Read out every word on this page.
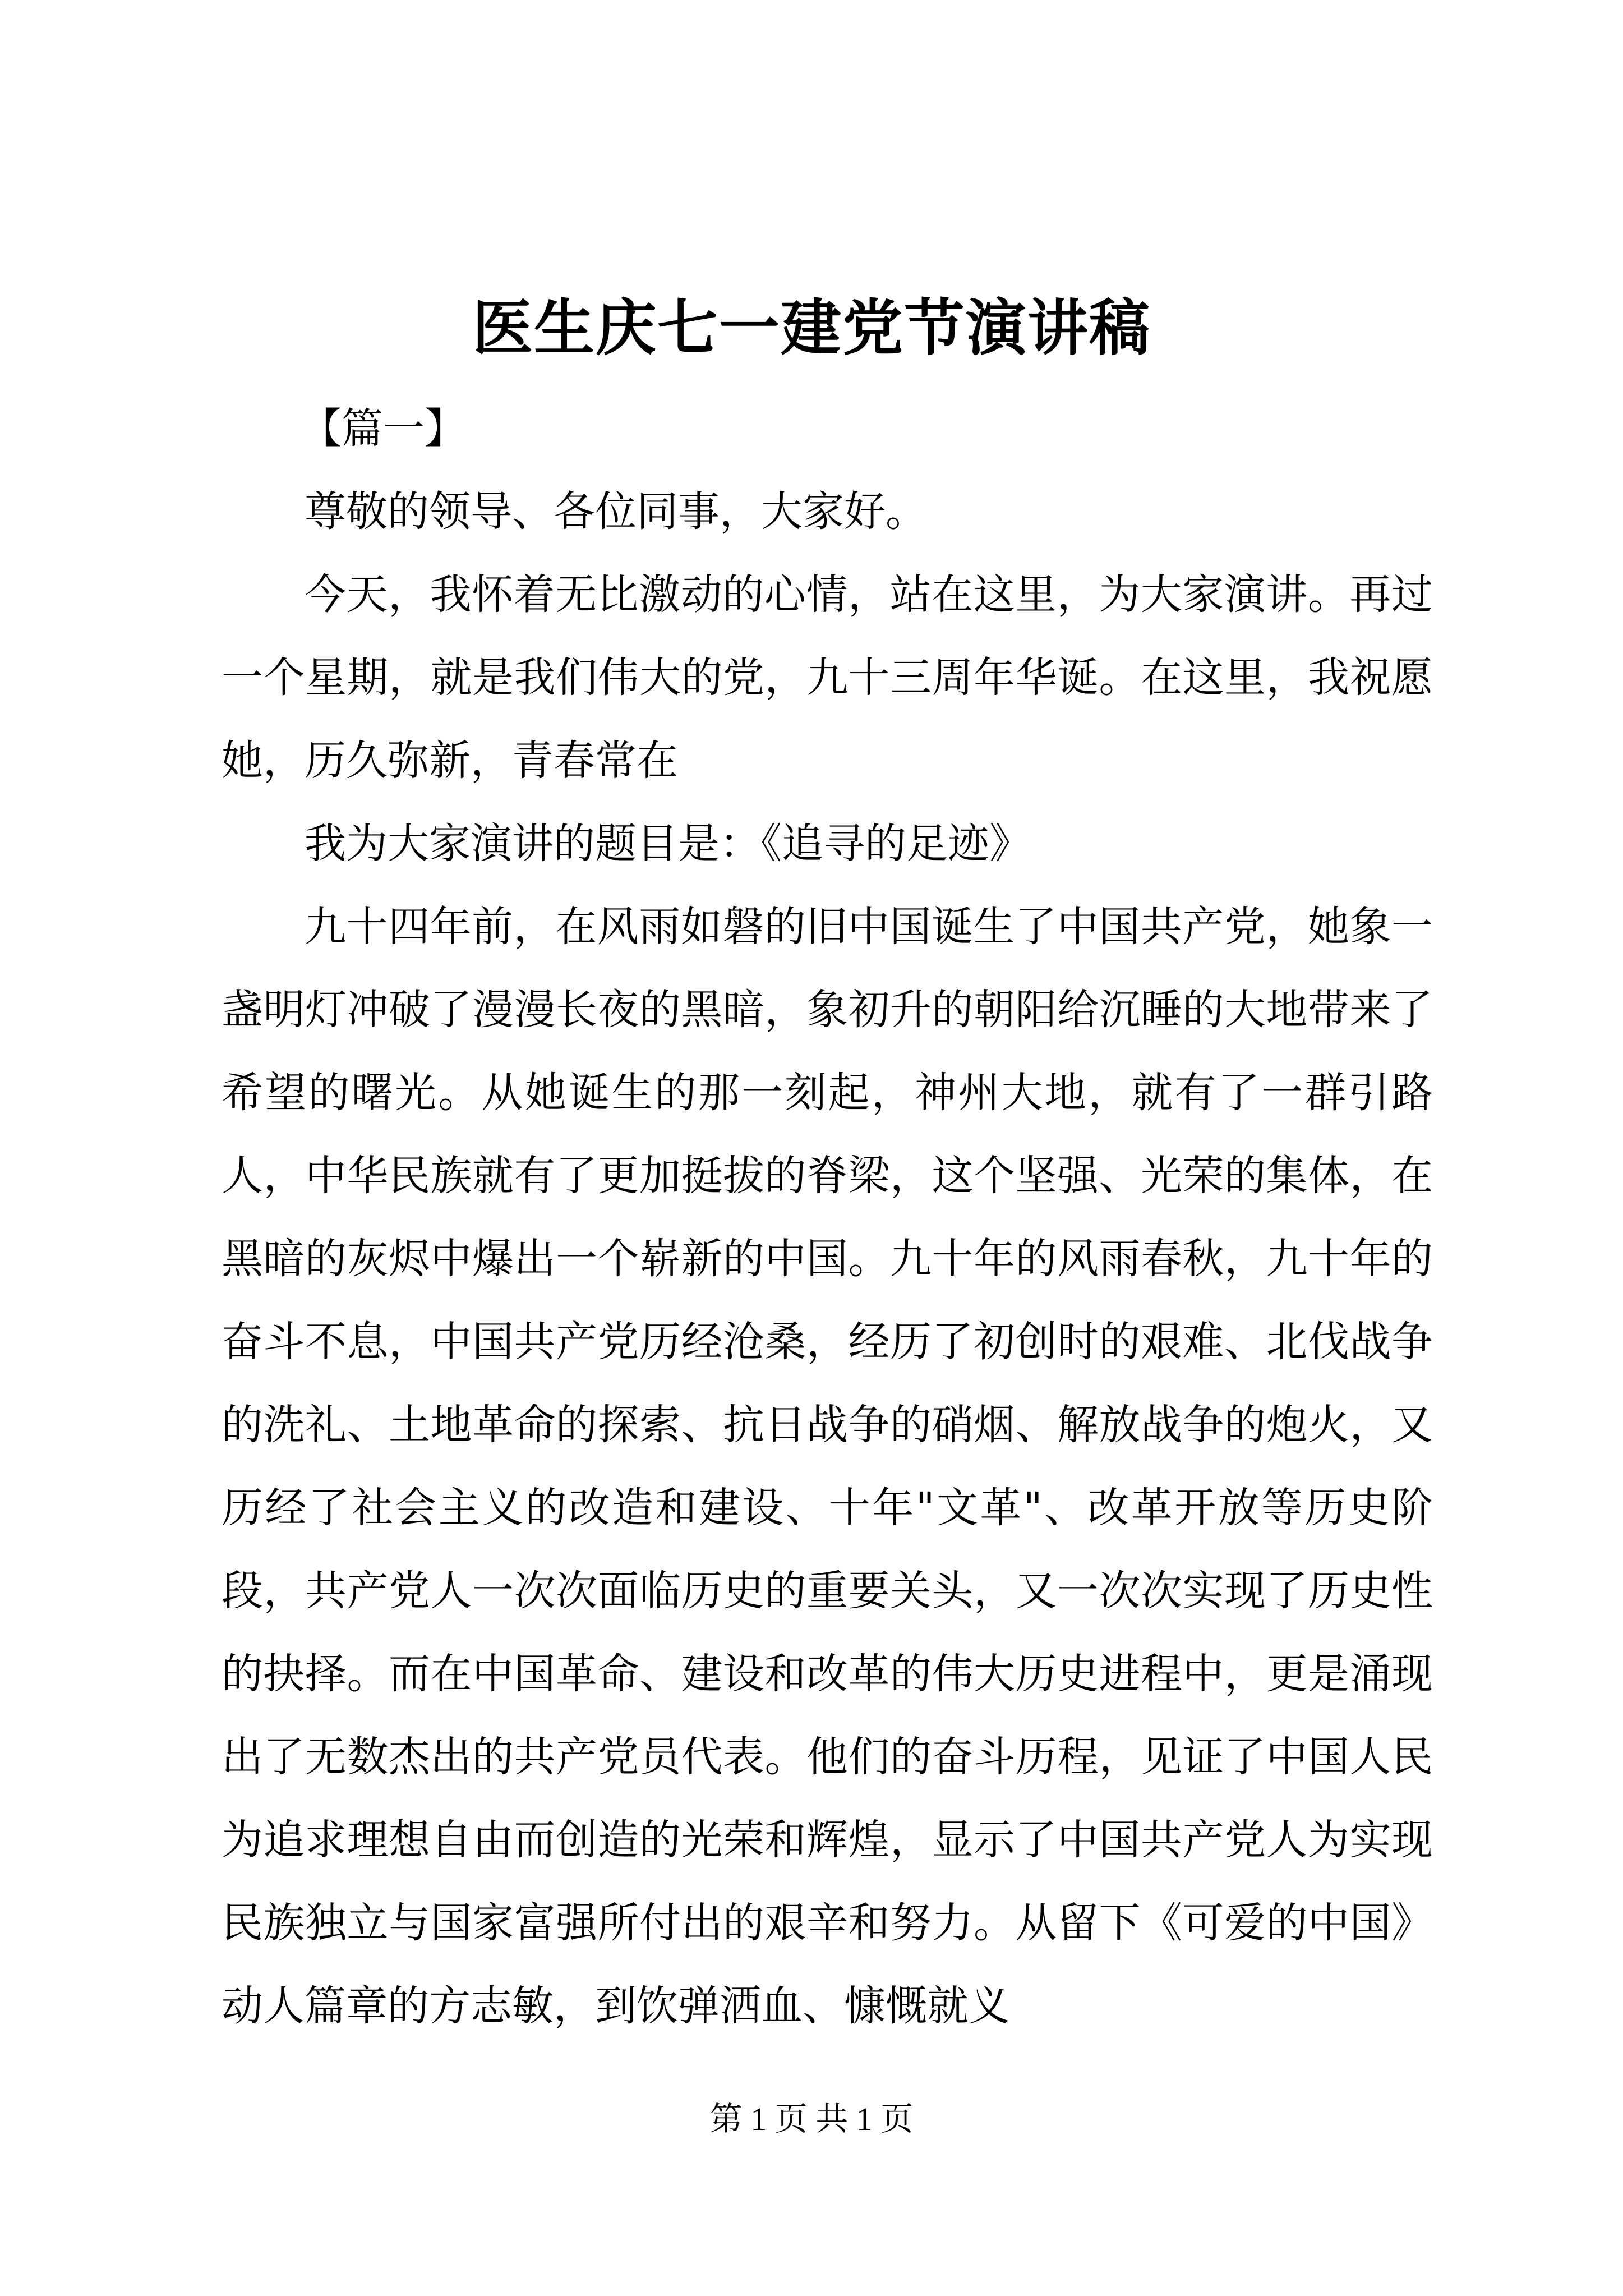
医生庆七一建党节演讲稿

【篇一】

尊敬的领导、各位同事，大家好。

今天，我怀着无比激动的心情，站在这里，为大家演讲。再过一个星期，就是我们伟大的党，九十三周年华诞。在这里，我祝愿她，历久弥新，青春常在

我为大家演讲的题目是：《追寻的足迹》

九十四年前，在风雨如磐的旧中国诞生了中国共产党，她象一盏明灯冲破了漫漫长夜的黑暗，象初升的朝阳给沉睡的大地带来了希望的曙光。从她诞生的那一刻起，神州大地，就有了一群引路人，中华民族就有了更加挺拔的脊梁，这个坚强、光荣的集体，在黑暗的灰烬中爆出一个崭新的中国。九十年的风雨春秋，九十年的奋斗不息，中国共产党历经沧桑，经历了初创时的艰难、北伐战争的洗礼、土地革命的探索、抗日战争的硝烟、解放战争的炮火，又历经了社会主义的改造和建设、十年"文革"、改革开放等历史阶段，共产党人一次次面临历史的重要关头，又一次次实现了历史性的抉择。而在中国革命、建设和改革的伟大历史进程中，更是涌现出了无数杰出的共产党员代表。他们的奋斗历程，见证了中国人民为追求理想自由而创造的光荣和辉煌，显示了中国共产党人为实现民族独立与国家富强所付出的艰辛和努力。从留下《可爱的中国》动人篇章的方志敏，到饮弹洒血、慷慨就义

第 1 页 共 1 页
